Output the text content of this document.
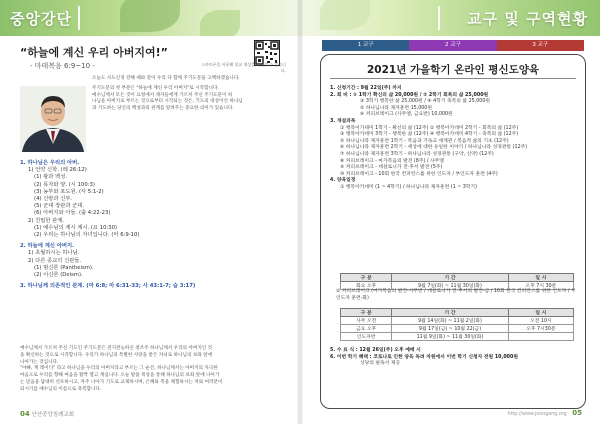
중앙강단
“하늘에 계신 우리 아버지여!”
- 마태복음 6:9~10 -	스마트폰을 이용해 설교 영상을 확인할 수 있습니다.
오늘도 사도신경 강해 때와 같이 우리 다 함께 주기도문을 고백하겠습니다.
주기도문의 첫 부분은 "하늘에 계신 우리 아버지"로 시작합니다.
예수님께서 모든 것이 요청에서 제자들에게 가르쳐 주신 주기도문이 하
나님을 아버지로 부르는 것으로부터 시작되는 것은, 기도의 대상이신 하나님
과 기도하는 당신의 백성과의 관계를 알려주는 중요한 의미가 있습니다.
1. 하나님은 우리의 아버.
1) 언약 신학. (레 26:12)
(1) 왕과 백성.
(2) 목자와 양. (시 100:3)
(3) 농부와 포도원. (사 5:1-2)
(4) 신랑과 신부.
(5) 군대 장관과 군대.
(6) 아버지와 아들. (출 4:22-23)
2) 친밀한 관계.
(1) 예수님의 계시 계시. (요 10:30)
(2) 우리는 하나님의 자녀입니다. (마 6:9-10)
2. 하늘에 계신 아버지.
1) 초월하시는 하나님.
2) 다른 종교의 신관들.
(1) 범신론 (Pantheism).
(2) 이신론 (Deism).
3. 하나님께 의존적인 관계. (마 6:8; 마 6:31-33; 사 43:1-7; 습 3:17)
예수님께서 가르쳐 주신 기도인 주기도문은 전지전능하신 창조주 하나님께서 우리의 아버지인 것
을 확신하는 것으로 시작합니다. 우리가 하나님의 특별한 사랑을 받은 자녀로 하나님의 보좌 앞에
나아가는 것입니다.
"아빠, 계 레이디" 라고 하나님을 우리의 아버지라고 부르는 그 순간, 하나님께서는 아버지의 지극한
마음으로 우리를 향해 마음을 활짝 열고 계십니다. 오늘 말씀 묵상을 통해 하나님의 보좌 앞에 나아가
는 믿음을 담대히 선포하시고, 자주 나아가 기도로 교제하시며, 은혜와 복을 체험하시는 저와 여러분이
되시기를 예수님의 이름으로 축복합니다.
04 안산중앙침례교회
교구 및 구역현황
1 교구	2 교구	3 교구
2021년 가을학기 온라인 평신도양육
1. 신청기간 : 9월 22일(주) 까지
2. 회 비 : ① 1학기 확신의 삶 20,000원 / ② 2학기 회복의 삶 25,000원
③ 3학기 행복한 삶 25,000원 / ④ 4학기 축복의 삶 25,000원
⑤ 하나님나라 제자훈련 15,000원
⑥ 커피브레이크 (사무엘, 금요반) 10,000원
3. 개설과목
① 행복이가테미 1학기 - 확신의 삶 (12주) ② 행복아카데미 2학기 - 회복의 삶 (12주)
③ 행복아카데미 3학기 - 행복한 삶 (12주) ④ 행복아카데미 4학기 - 축복의 삶 (12주)
⑤ 하나님나라 제자훈련 1학기 - 복음과 기독교 세계관 / 복음적 삶의 기초 (12주)
⑥ 하나님나라 제자훈련 2학기 - 세상에 대한 유일한 이야기 / 하나님나라 성경관통 (12주)
⑦ 하나님나라 제자훈련 3학기 - 하나님나라 성경관통 (구약, 신약) (12주)
⑧ 커피브레이크 - 마가복음의 발견 (8주) / 사무엘
⑨ 커피브레이크 - 데살로니가 전·후서 발견 (5주)
⑩ 커피브레이크 - 10회 한국 컨퍼런스를 위한 인도자 / 부인도자 훈련 (4주)
4. 양육일정
① 행복아카데미 (1 ~ 4학기) / 하나님나라 제자훈련 (1 ~ 3학기)
구 분	기 간	일 시
화요 오후	9월 7일(화) ~ 11월 30일(화)	오후 7시 30분
② 커피브레이크 (마가복음의 발견-사무반 / 데살로니가 전·후서의 발견-금 / 10회 한국 컨퍼런스를 위한 인도자 / 부인도자 훈련-화)
구 분	기 간	일 시
사무 오전	9월 14일(화) ~ 11월 2일(화)	오전 10시
금요 오후	9월 17일(금) ~ 10월 22(금)	오후 7시30분
인도자반	11월 9일(화) ~ 11월 30일(화)	
5. 수 료 식 : 12월 26일(주) 오후 예배 시
6. 이번 학기 혜택 : 코로나로 인한 양육 독려 차원에서 이번 학기 신청자 전원 10,000원
상당의 필독서 제공
http://www.joongang.org 05
